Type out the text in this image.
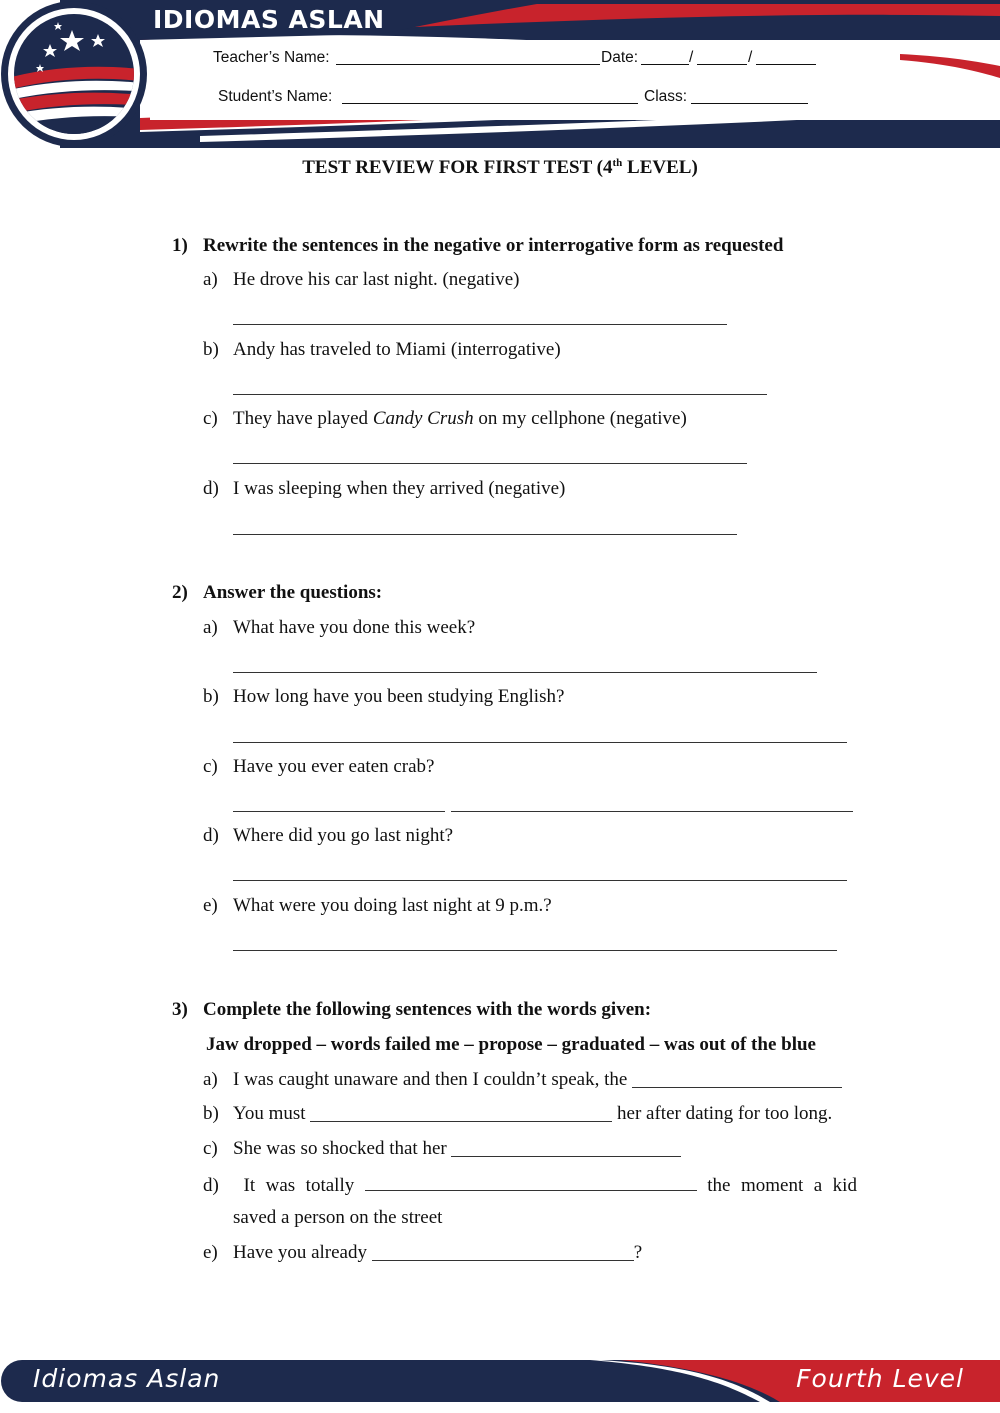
IDIOMAS ASLAN
Teacher’s Name:	Date:	/	/
Student’s Name:	Class:
TEST REVIEW FOR FIRST TEST (4th LEVEL)
1) Rewrite the sentences in the negative or interrogative form as requested
a) He drove his car last night. (negative)
b) Andy has traveled to Miami (interrogative)
c) They have played Candy Crush on my cellphone (negative)
d) I was sleeping when they arrived (negative)
2) Answer the questions:
a) What have you done this week?
b) How long have you been studying English?
c) Have you ever eaten crab?
d) Where did you go last night?
e) What were you doing last night at 9 p.m.?
3) Complete the following sentences with the words given:
Jaw dropped – words failed me – propose – graduated – was out of the blue
a) I was caught unaware and then I couldn’t speak, the
b) You must	her after dating for too long.
c) She was so shocked that her
d)	It was totally	the moment a kid
saved a person on the street
e) Have you already	?
Idiomas Aslan	Fourth Level
